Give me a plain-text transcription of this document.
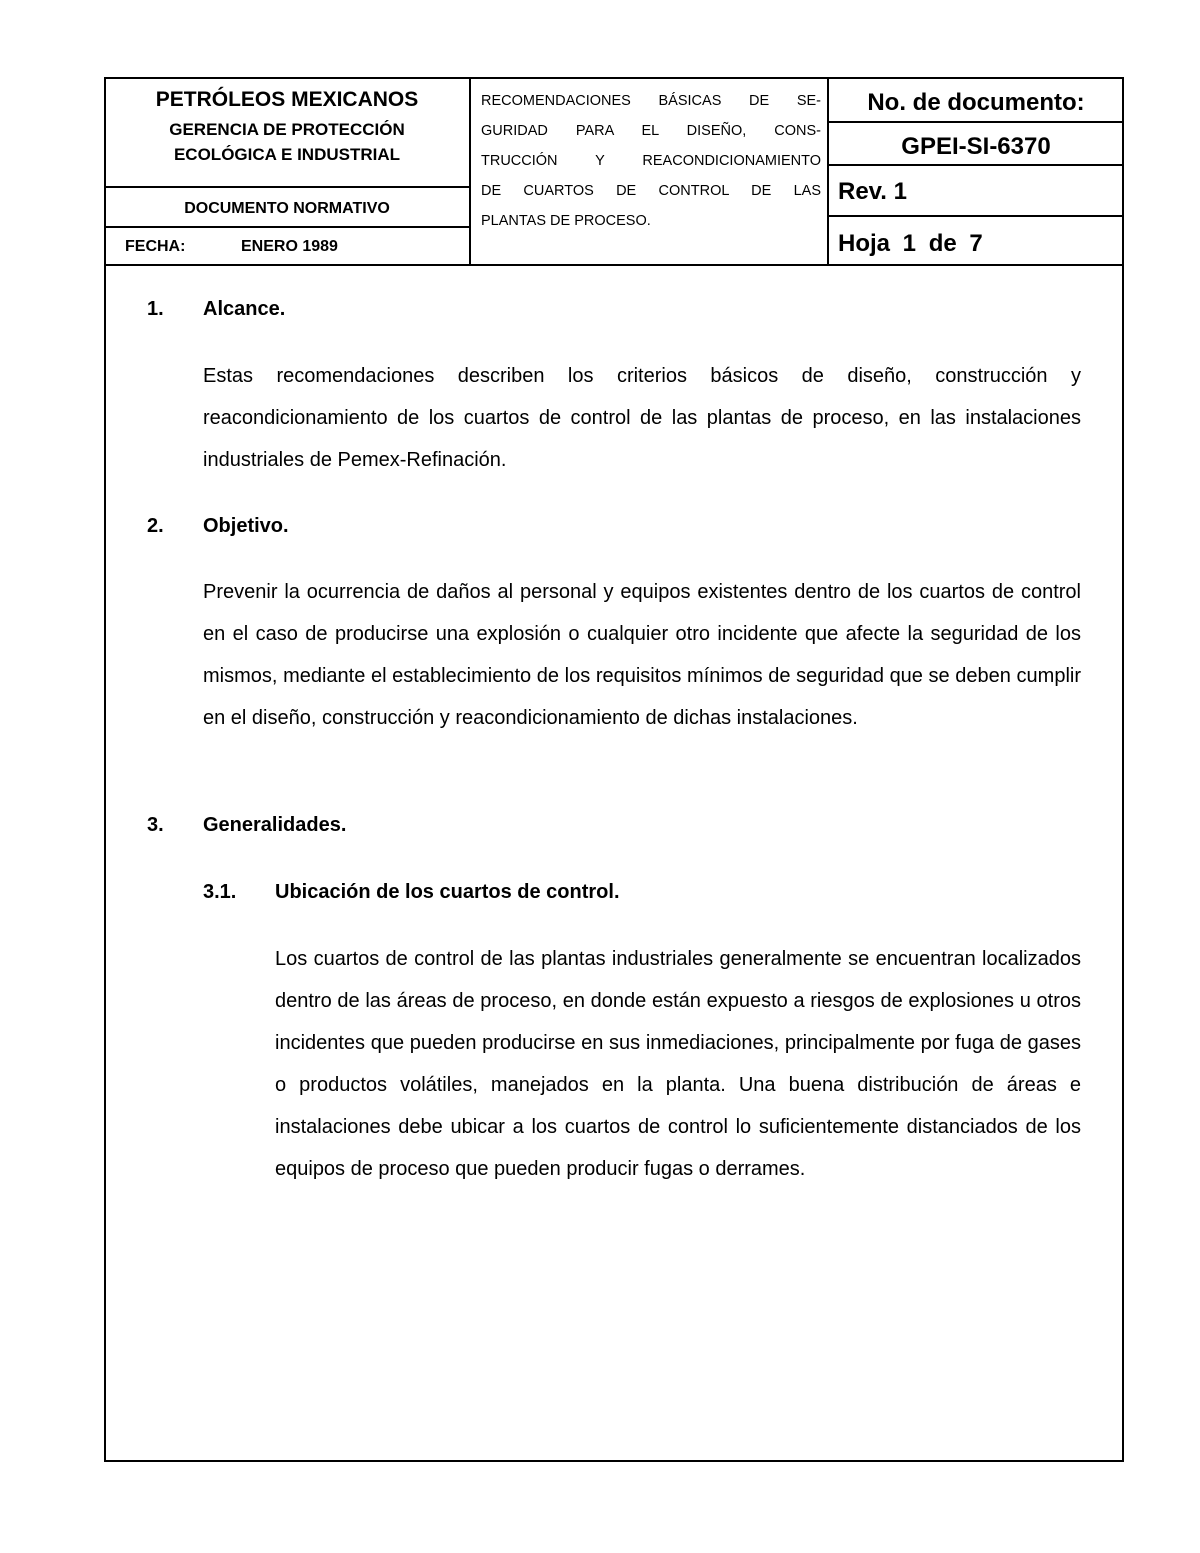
PETRÓLEOS MEXICANOS
GERENCIA DE PROTECCIÓN
ECOLÓGICA E INDUSTRIAL
DOCUMENTO NORMATIVO
FECHA:	ENERO 1989
RECOMENDACIONES BÁSICAS DE SE-
GURIDAD PARA EL DISEÑO, CONS-
TRUCCIÓN Y REACONDICIONAMIENTO
DE CUARTOS DE CONTROL DE LAS
PLANTAS DE PROCESO.
No. de documento:
GPEI-SI-6370
Rev. 1
Hoja 1 de 7
1. Alcance.
Estas recomendaciones describen los criterios básicos de diseño, construcción y reacondicionamiento de los cuartos de control de las plantas de proceso, en las instalaciones industriales de Pemex-Refinación.
2. Objetivo.
Prevenir la ocurrencia de daños al personal y equipos existentes dentro de los cuartos de control en el caso de producirse una explosión o cualquier otro incidente que afecte la seguridad de los mismos, mediante el establecimiento de los requisitos mínimos de seguridad que se deben cumplir en el diseño, construcción y reacondicionamiento de dichas instalaciones.
3. Generalidades.
3.1. Ubicación de los cuartos de control.
Los cuartos de control de las plantas industriales generalmente se encuentran localizados dentro de las áreas de proceso, en donde están expuesto a riesgos de explosiones u otros incidentes que pueden producirse en sus inmediaciones, principalmente por fuga de gases o productos volátiles, manejados en la planta. Una buena distribución de áreas e instalaciones debe ubicar a los cuartos de control lo suficientemente distanciados de los equipos de proceso que pueden producir fugas o derrames.
